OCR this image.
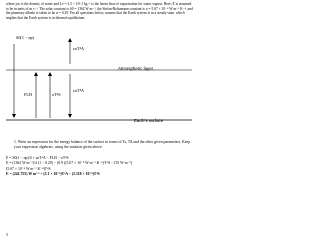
where ρw is the density of water and Lv = 2.5 × 10⁶ J kg⁻¹ is the latent heat of vaporisation for water vapour. Here, E is assumed to be in units of m s⁻¹. The solar constant is S0 = 1362 W m⁻², the Stefan-Boltzmann constant is σ = 5.67 × 10⁻⁸ W m⁻² K⁻⁴, and the planetary albedo is taken to be α = 0.29. For all questions below, assume that the Earth system is in a steady-state, which implies that the Earth system is in thermal equilibrium.
S0(1 − αp)
εσT⁴A
εσT⁴A
FLH	σT⁴S
Atmospheric layer
Earth's surface
1. Write an expression for the energy balance of the surface in terms of Ts, TA and the other given parameters. Keep your expression algebraic, using the notation given above.
E = S0(1 − αp)/4 + εσT⁴A − FLH − σT⁴S
E = (1362 W m⁻²)/4 (1 − 0.29) − (0.9 )(5.67 × 10⁻⁸ W m⁻² K⁻⁴)T⁴A − (55 W m⁻²)
(5.67 × 10⁻⁸ W m⁻² K⁻⁴)T⁴S
E = (241.755) W m⁻² + (5.1 × 10⁻⁸)T⁴A − (5.118 × 10⁻⁸)T⁴S
5
